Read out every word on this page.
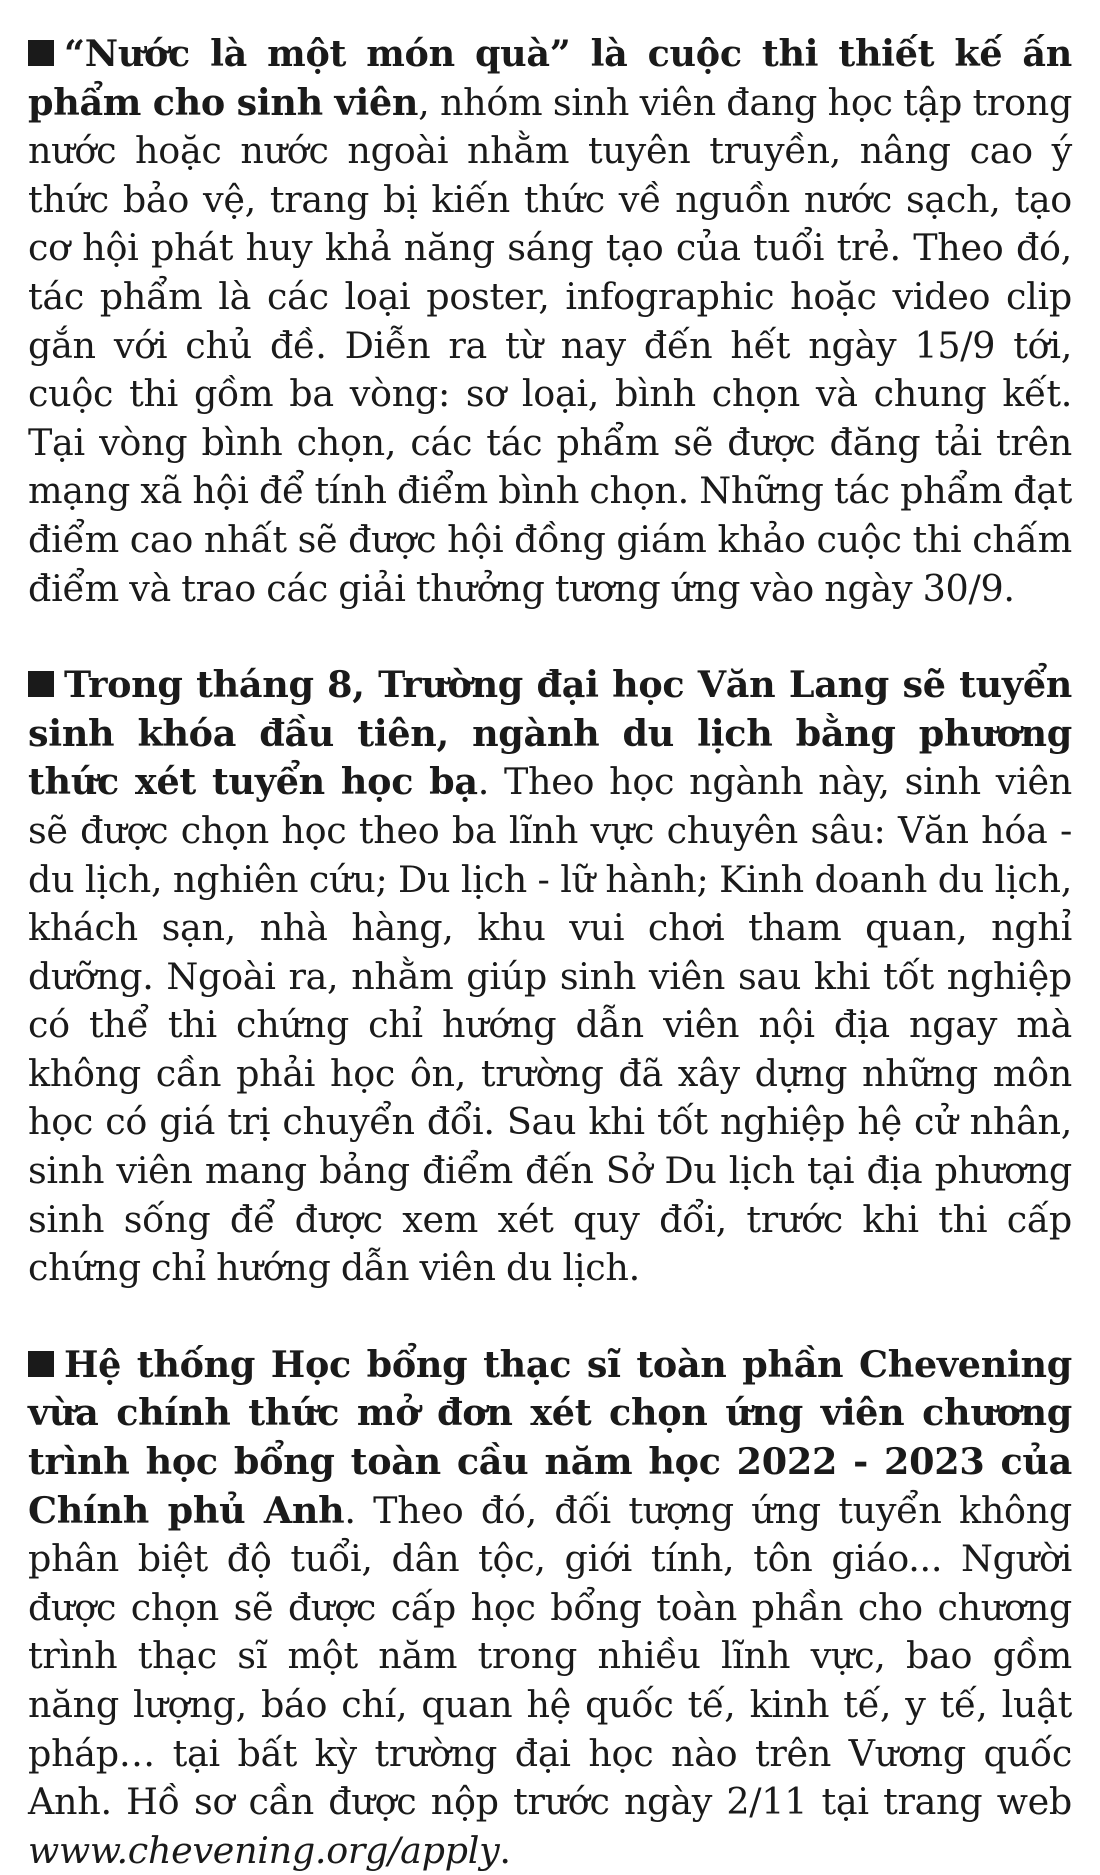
“Nước là một món quà” là cuộc thi thiết kế ấn phẩm cho sinh viên, nhóm sinh viên đang học tập trong nước hoặc nước ngoài nhằm tuyên truyền, nâng cao ý thức bảo vệ, trang bị kiến thức về nguồn nước sạch, tạo cơ hội phát huy khả năng sáng tạo của tuổi trẻ. Theo đó, tác phẩm là các loại poster, infographic hoặc video clip gắn với chủ đề. Diễn ra từ nay đến hết ngày 15/9 tới, cuộc thi gồm ba vòng: sơ loại, bình chọn và chung kết. Tại vòng bình chọn, các tác phẩm sẽ được đăng tải trên mạng xã hội để tính điểm bình chọn. Những tác phẩm đạt điểm cao nhất sẽ được hội đồng giám khảo cuộc thi chấm điểm và trao các giải thưởng tương ứng vào ngày 30/9.

Trong tháng 8, Trường đại học Văn Lang sẽ tuyển sinh khóa đầu tiên, ngành du lịch bằng phương thức xét tuyển học bạ. Theo học ngành này, sinh viên sẽ được chọn học theo ba lĩnh vực chuyên sâu: Văn hóa - du lịch, nghiên cứu; Du lịch - lữ hành; Kinh doanh du lịch, khách sạn, nhà hàng, khu vui chơi tham quan, nghỉ dưỡng. Ngoài ra, nhằm giúp sinh viên sau khi tốt nghiệp có thể thi chứng chỉ hướng dẫn viên nội địa ngay mà không cần phải học ôn, trường đã xây dựng những môn học có giá trị chuyển đổi. Sau khi tốt nghiệp hệ cử nhân, sinh viên mang bảng điểm đến Sở Du lịch tại địa phương sinh sống để được xem xét quy đổi, trước khi thi cấp chứng chỉ hướng dẫn viên du lịch.

Hệ thống Học bổng thạc sĩ toàn phần Chevening vừa chính thức mở đơn xét chọn ứng viên chương trình học bổng toàn cầu năm học 2022 - 2023 của Chính phủ Anh. Theo đó, đối tượng ứng tuyển không phân biệt độ tuổi, dân tộc, giới tính, tôn giáo... Người được chọn sẽ được cấp học bổng toàn phần cho chương trình thạc sĩ một năm trong nhiều lĩnh vực, bao gồm năng lượng, báo chí, quan hệ quốc tế, kinh tế, y tế, luật pháp… tại bất kỳ trường đại học nào trên Vương quốc Anh. Hồ sơ cần được nộp trước ngày 2/11 tại trang web www.chevening.org/apply.
